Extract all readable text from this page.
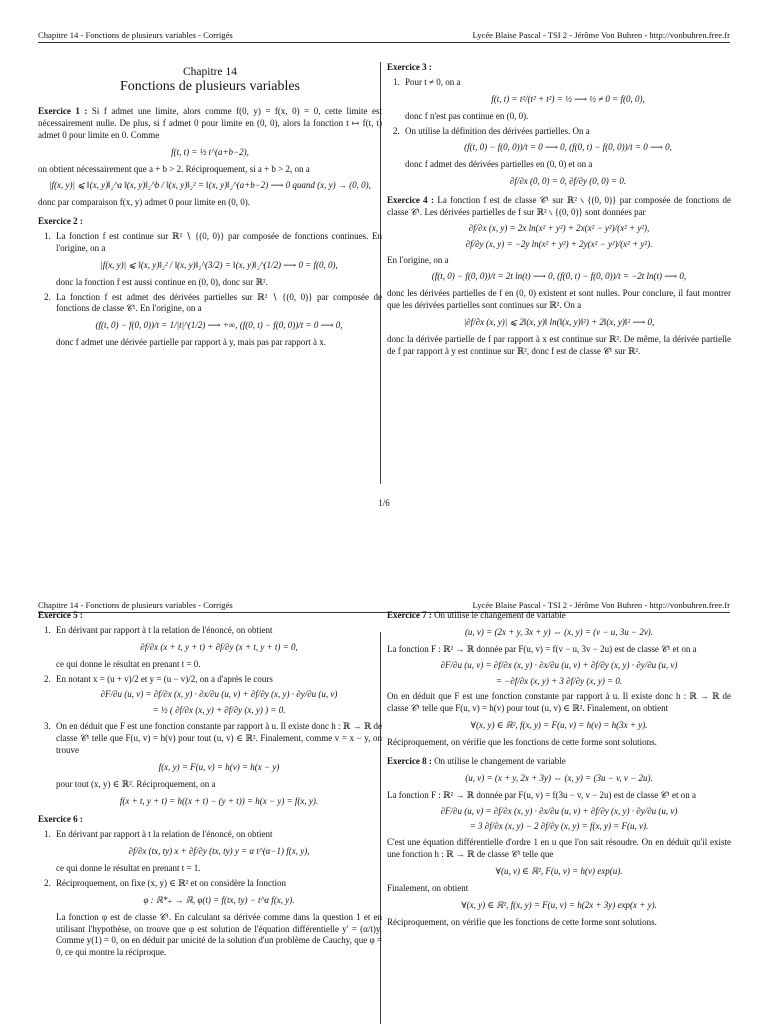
Chapitre 14 - Fonctions de plusieurs variables - Corrigés	Lycée Blaise Pascal - TSI 2 - Jérôme Von Buhren - http://vonbuhren.free.fr
Chapitre 14
Fonctions de plusieurs variables

Exercice 1 : Si f admet une limite, alors comme f(0, y) = f(x, 0) = 0, cette limite est nécessairement nulle. De plus, si f admet 0 pour limite en (0, 0), alors la fonction t ↦ f(t, t) admet 0 pour limite en 0. Comme

f(t, t) = ½ t^(a+b−2),

on obtient nécessairement que a + b > 2. Réciproquement, si a + b > 2, on a

|f(x, y)| ⩽ ‖(x, y)‖₂^a ‖(x, y)‖₂^b / ‖(x, y)‖₂² = ‖(x, y)‖₂^(a+b−2) ⟶ 0 quand (x, y) → (0, 0),

donc par comparaison f(x, y) admet 0 pour limite en (0, 0).

Exercice 2 :

1. La fonction f est continue sur ℝ² ∖ {(0, 0)} par composée de fonctions continues. En l'origine, on a

|f(x, y)| ⩽ ‖(x, y)‖₂² / ‖(x, y)‖₂^(3/2) = ‖(x, y)‖₂^(1/2) ⟶ 0 = f(0, 0),

donc la fonction f est aussi continue en (0, 0), donc sur ℝ².

2. La fonction f est admet des dérivées partielles sur ℝ² ∖ {(0, 0)} par composée de fonctions de classe 𝒞¹. En l'origine, on a

(f(t, 0) − f(0, 0))/t = 1/|t|^(1/2) ⟶ +∞, (f(0, t) − f(0, 0))/t = 0 ⟶ 0,

donc f admet une dérivée partielle par rapport à y, mais pas par rapport à x.

Exercice 3 :

1. Pour t ≠ 0, on a

f(t, t) = t²/(t² + t²) = ½ ⟶ ½ ≠ 0 = f(0, 0),

donc f n'est pas continue en (0, 0).

2. On utilise la définition des dérivées partielles. On a

(f(t, 0) − f(0, 0))/t = 0 ⟶ 0, (f(0, t) − f(0, 0))/t = 0 ⟶ 0,

donc f admet des dérivées partielles en (0, 0) et on a

∂f/∂x (0, 0) = 0, ∂f/∂y (0, 0) = 0.

Exercice 4 : La fonction f est de classe 𝒞¹ sur ℝ² ∖ {(0, 0)} par composée de fonctions de classe 𝒞¹. Les dérivées partielles de f sur ℝ² ∖ {(0, 0)} sont données par

∂f/∂x (x, y) = 2x ln(x² + y²) + 2x(x² − y²)/(x² + y²),
∂f/∂y (x, y) = −2y ln(x² + y²) + 2y(x² − y²)/(x² + y²).

En l'origine, on a

(f(t, 0) − f(0, 0))/t = 2t ln(t) ⟶ 0, (f(0, t) − f(0, 0))/t = −2t ln(t) ⟶ 0,

donc les dérivées partielles de f en (0, 0) existent et sont nulles. Pour conclure, il faut montrer que les dérivées partielles sont continues sur ℝ². On a

|∂f/∂x (x, y)| ⩽ 2‖(x, y)‖ ln(‖(x, y)‖²) + 2‖(x, y)‖² ⟶ 0,

donc la dérivée partielle de f par rapport à x est continue sur ℝ². De même, la dérivée partielle de f par rapport à y est continue sur ℝ², donc f est de classe 𝒞¹ sur ℝ².

1/6
Chapitre 14 - Fonctions de plusieurs variables - Corrigés	Lycée Blaise Pascal - TSI 2 - Jérôme Von Buhren - http://vonbuhren.free.fr

Exercice 5 :

1. En dérivant par rapport à t la relation de l'énoncé, on obtient

∂f/∂x (x + t, y + t) + ∂f/∂y (x + t, y + t) = 0,

ce qui donne le résultat en prenant t = 0.

2. En notant x = (u + v)/2 et y = (u − v)/2, on a d'après le cours

∂F/∂u (u, v) = ∂f/∂x (x, y) · ∂x/∂u (u, v) + ∂f/∂y (x, y) · ∂y/∂u (u, v)
= ½ ( ∂f/∂x (x, y) + ∂f/∂y (x, y) ) = 0.
3. On en déduit que F est une fonction constante par rapport à u. Il existe donc h : ℝ → ℝ de classe 𝒞¹ telle que F(u, v) = h(v) pour tout (u, v) ∈ ℝ². Finalement, comme v = x − y, on trouve

f(x, y) = F(u, v) = h(v) = h(x − y)

pour tout (x, y) ∈ ℝ². Réciproquement, on a

f(x + t, y + t) = h((x + t) − (y + t)) = h(x − y) = f(x, y).

Exercice 6 :

1. En dérivant par rapport à t la relation de l'énoncé, on obtient

∂f/∂x (tx, ty) x + ∂f/∂y (tx, ty) y = α t^(α−1) f(x, y),

ce qui donne le résultat en prenant t = 1.

2. Réciproquement, on fixe (x, y) ∈ ℝ² et on considère la fonction

φ : ℝ*₊ → ℝ, φ(t) = f(tx, ty) − t^α f(x, y).

La fonction φ est de classe 𝒞¹. En calculant sa dérivée comme dans la question 1 et en utilisant l'hypothèse, on trouve que φ est solution de l'équation différentielle y′ = (α/t)y. Comme y(1) = 0, on en déduit par unicité de la solution d'un problème de Cauchy, que φ = 0, ce qui montre la réciproque.

Exercice 7 : On utilise le changement de variable

(u, v) = (2x + y, 3x + y) ⇔ (x, y) = (v − u, 3u − 2v).

La fonction F : ℝ² → ℝ donnée par F(u, v) = f(v − u, 3v − 2u) est de classe 𝒞¹ et on a

∂F/∂u (u, v) = ∂f/∂x (x, y) · ∂x/∂u (u, v) + ∂f/∂y (x, y) · ∂y/∂u (u, v)
= −∂f/∂x (x, y) + 3 ∂f/∂y (x, y) = 0.

On en déduit que F est une fonction constante par rapport à u. Il existe donc h : ℝ → ℝ de classe 𝒞¹ telle que F(u, v) = h(v) pour tout (u, v) ∈ ℝ². Finalement, on obtient

∀(x, y) ∈ ℝ², f(x, y) = F(u, v) = h(v) = h(3x + y).

Réciproquement, on vérifie que les fonctions de cette forme sont solutions.

Exercice 8 : On utilise le changement de variable

(u, v) = (x + y, 2x + 3y) ⇔ (x, y) = (3u − v, v − 2u).

La fonction F : ℝ² → ℝ donnée par F(u, v) = f(3u − v, v − 2u) est de classe 𝒞¹ et on a

∂F/∂u (u, v) = ∂f/∂x (x, y) · ∂x/∂u (u, v) + ∂f/∂y (x, y) · ∂y/∂u (u, v)
= 3 ∂f/∂x (x, y) − 2 ∂f/∂y (x, y) = f(x, y) = F(u, v).

C'est une équation différentielle d'ordre 1 en u que l'on sait résoudre. On en déduit qu'il existe une fonction h : ℝ → ℝ de classe 𝒞¹ telle que

∀(u, v) ∈ ℝ², F(u, v) = h(v) exp(u).

Finalement, on obtient

∀(x, y) ∈ ℝ², f(x, y) = F(u, v) = h(2x + 3y) exp(x + y).

Réciproquement, on vérifie que les fonctions de cette forme sont solutions.
